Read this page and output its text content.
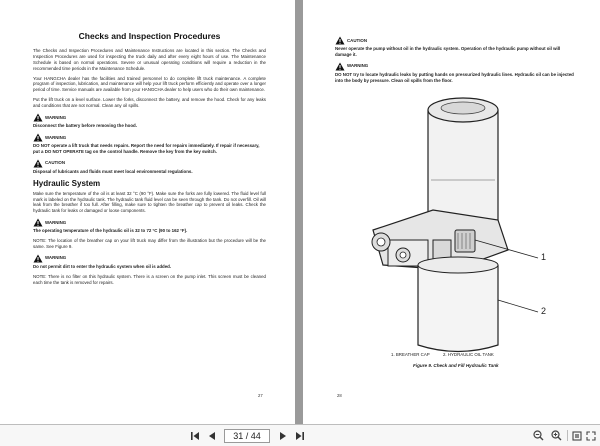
Checks and Inspection Procedures

The Checks and Inspection Procedures and Maintenance Instructions are located in this section. The Checks and Inspection Procedures are used for inspecting the truck daily and after every eight hours of use. The Maintenance Schedule is based on normal operations. Severe or unusual operating conditions will require a reduction in the recommended time periods in the Maintenance Schedule.

Your HANGCHA dealer has the facilities and trained personnel to do complete lift truck maintenance. A complete program of inspection, lubrication, and maintenance will help your lift truck perform efficiently and operate over a longer period of time. Service manuals are available from your HANGCHA dealer to help users who do their own maintenance.

Put the lift truck on a level surface. Lower the forks, disconnect the battery, and remove the hood. Check for any leaks and conditions that are not normal. Clean any oil spills.

WARNING
Disconnect the battery before removing the hood.
WARNING
DO NOT operate a lift truck that needs repairs. Report the need for repairs immediately. If repair if necessary, put a DO NOT OPERATE tag on the control handle. Remove the key from the key switch.
CAUTION
Disposal of lubricants and fluids must meet local environmental regulations.
Hydraulic System

Make sure the temperature of the oil is at least 32 °C (90 °F). Make sure the forks are fully lowered. The fluid level full mark is labeled on the hydraulic tank. The hydraulic tank fluid level can be seen through the tank. Do not overfill. Oil will leak from the breather if too full. After filling, make sure to tighten the breather cap to prevent oil leaks. Check the hydraulic tank for leaks or damaged or loose components.

WARNING
The operating temperature of the hydraulic oil is 32 to 72 °C (90 to 162 °F).

NOTE: The location of the breather cap on your lift truck may differ from the illustration but the procedure will be the same. See Figure 9.

WARNING
Do not permit dirt to enter the hydraulic system when oil is added.

NOTE: There is no filter on this hydraulic system. There is a screen on the pump inlet. This screen must be cleaned each time the tank is removed for repairs.

27
CAUTION
Never operate the pump without oil in the hydraulic system. Operation of the hydraulic pump without oil will damage it.
WARNING
DO NOT try to locate hydraulic leaks by putting hands on pressurized hydraulic lines. Hydraulic oil can be injected into the body by pressure. Clean oil spills from the floor.
1
2
1. BREATHER CAP	2. HYDRAULIC OIL TANK
Figure 9. Check and Fill Hydraulic Tank
28
31 / 44
